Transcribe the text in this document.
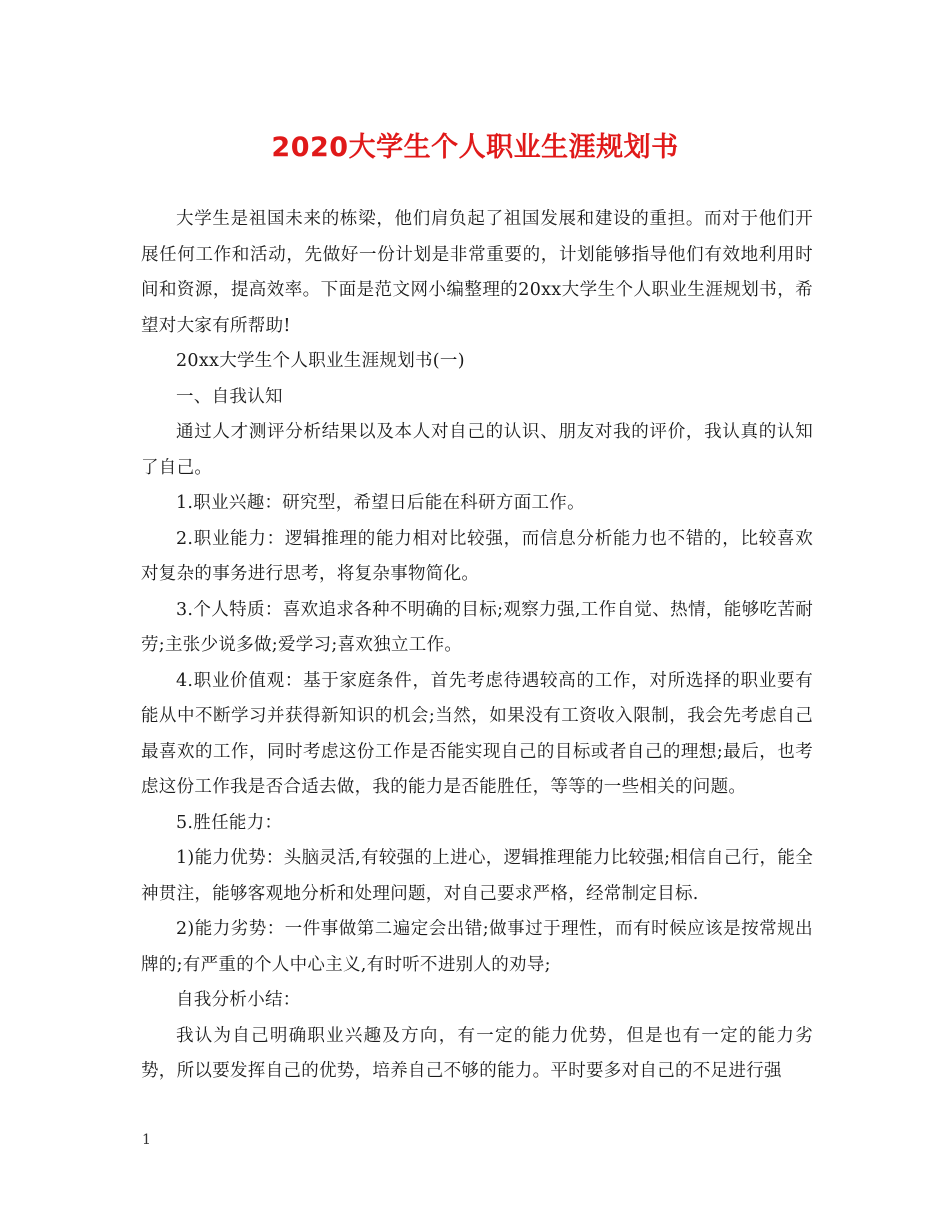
2020大学生个人职业生涯规划书

大学生是祖国未来的栋梁，他们肩负起了祖国发展和建设的重担。而对于他们开展任何工作和活动，先做好一份计划是非常重要的，计划能够指导他们有效地利用时间和资源，提高效率。下面是范文网小编整理的20xx大学生个人职业生涯规划书，希望对大家有所帮助!

20xx大学生个人职业生涯规划书(一)

一、自我认知

通过人才测评分析结果以及本人对自己的认识、朋友对我的评价，我认真的认知了自己。

1.职业兴趣：研究型，希望日后能在科研方面工作。

2.职业能力：逻辑推理的能力相对比较强，而信息分析能力也不错的，比较喜欢对复杂的事务进行思考，将复杂事物简化。

3.个人特质：喜欢追求各种不明确的目标;观察力强,工作自觉、热情，能够吃苦耐劳;主张少说多做;爱学习;喜欢独立工作。

4.职业价值观：基于家庭条件，首先考虑待遇较高的工作，对所选择的职业要有能从中不断学习并获得新知识的机会;当然，如果没有工资收入限制，我会先考虑自己最喜欢的工作，同时考虑这份工作是否能实现自己的目标或者自己的理想;最后，也考虑这份工作我是否合适去做，我的能力是否能胜任，等等的一些相关的问题。

5.胜任能力：

1)能力优势：头脑灵活,有较强的上进心，逻辑推理能力比较强;相信自己行，能全神贯注，能够客观地分析和处理问题，对自己要求严格，经常制定目标.

2)能力劣势：一件事做第二遍定会出错;做事过于理性，而有时候应该是按常规出牌的;有严重的个人中心主义,有时听不进别人的劝导;

自我分析小结：

我认为自己明确职业兴趣及方向，有一定的能力优势，但是也有一定的能力劣势，所以要发挥自己的优势，培养自己不够的能力。平时要多对自己的不足进行强

1
